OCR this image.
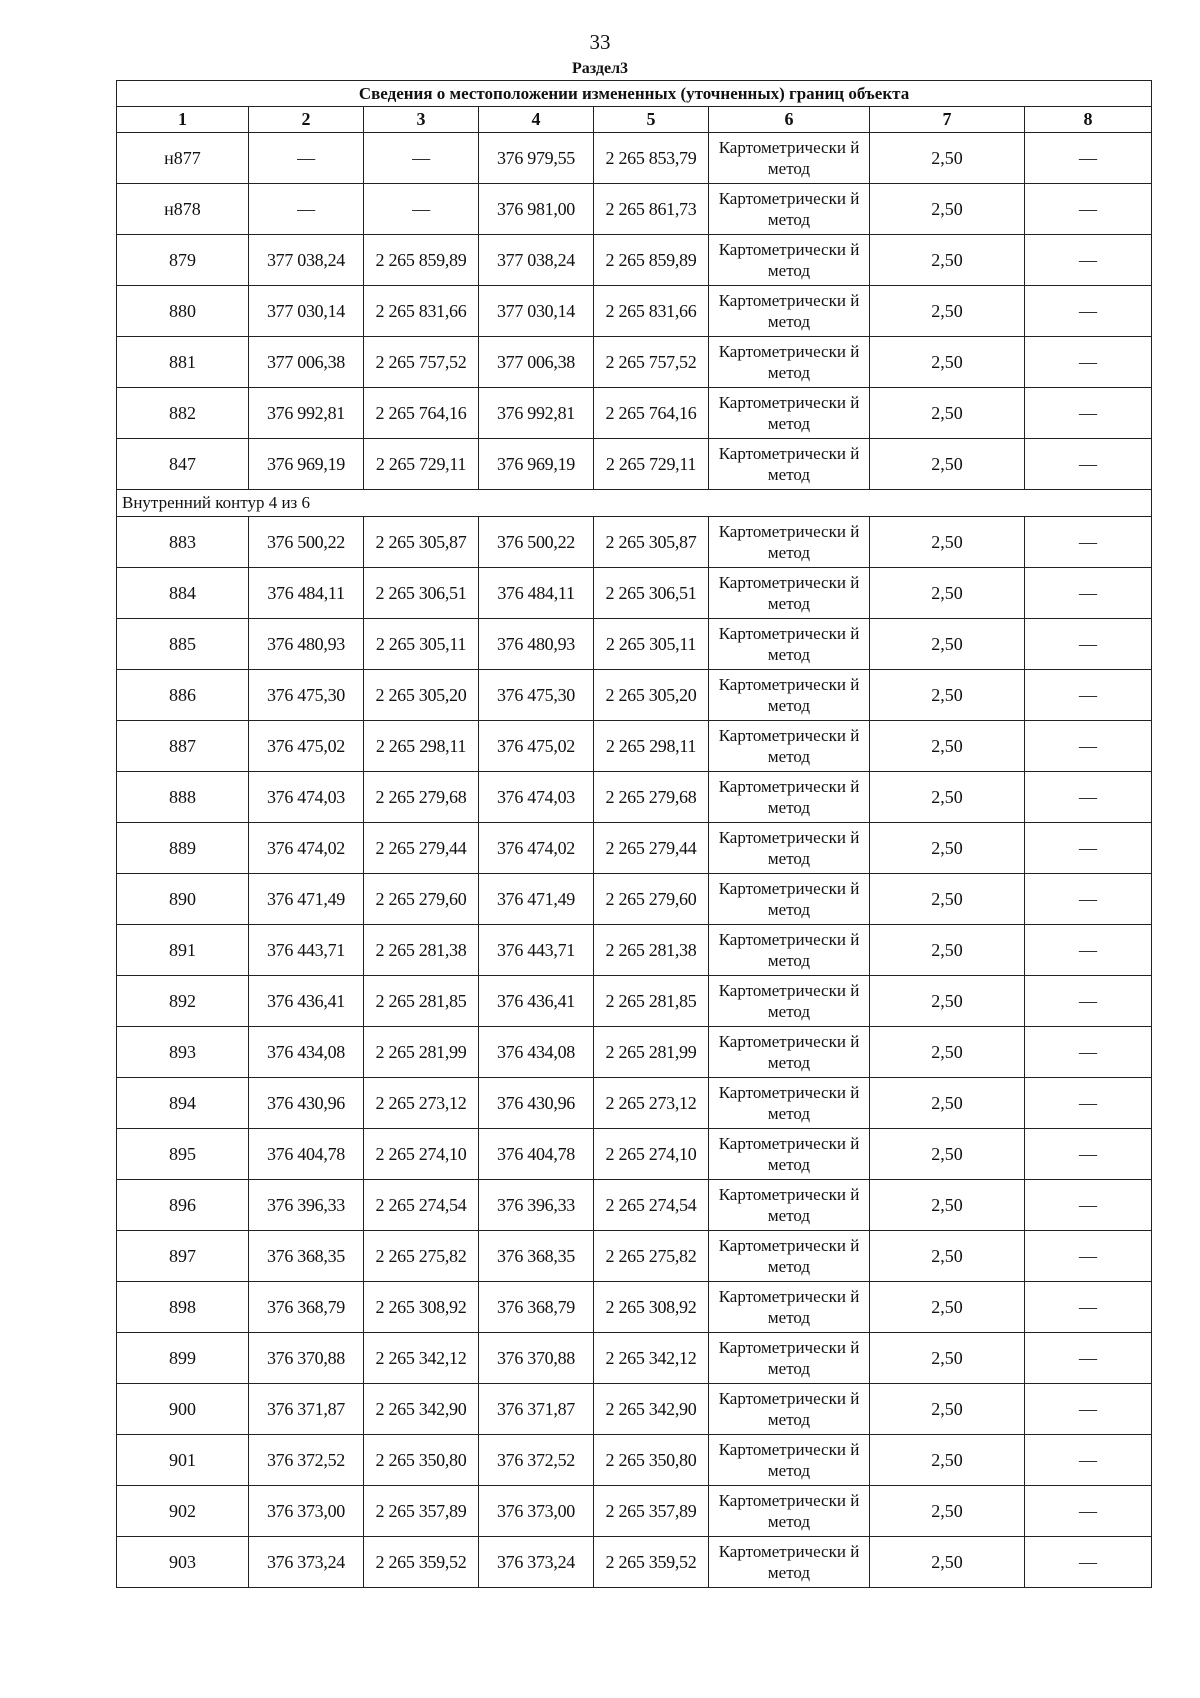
33
Раздел3
Сведения о местоположении измененных (уточненных) границ объекта							
1	2	3	4	5	6	7	8
н877	—	—	376 979,55	2 265 853,79	Картометрически й метод	2,50	—
н878	—	—	376 981,00	2 265 861,73	Картометрически й метод	2,50	—
879	377 038,24	2 265 859,89	377 038,24	2 265 859,89	Картометрически й метод	2,50	—
880	377 030,14	2 265 831,66	377 030,14	2 265 831,66	Картометрически й метод	2,50	—
881	377 006,38	2 265 757,52	377 006,38	2 265 757,52	Картометрически й метод	2,50	—
882	376 992,81	2 265 764,16	376 992,81	2 265 764,16	Картометрически й метод	2,50	—
847	376 969,19	2 265 729,11	376 969,19	2 265 729,11	Картометрически й метод	2,50	—
Внутренний контур 4 из 6							
883	376 500,22	2 265 305,87	376 500,22	2 265 305,87	Картометрически й метод	2,50	—
884	376 484,11	2 265 306,51	376 484,11	2 265 306,51	Картометрически й метод	2,50	—
885	376 480,93	2 265 305,11	376 480,93	2 265 305,11	Картометрически й метод	2,50	—
886	376 475,30	2 265 305,20	376 475,30	2 265 305,20	Картометрически й метод	2,50	—
887	376 475,02	2 265 298,11	376 475,02	2 265 298,11	Картометрически й метод	2,50	—
888	376 474,03	2 265 279,68	376 474,03	2 265 279,68	Картометрически й метод	2,50	—
889	376 474,02	2 265 279,44	376 474,02	2 265 279,44	Картометрически й метод	2,50	—
890	376 471,49	2 265 279,60	376 471,49	2 265 279,60	Картометрически й метод	2,50	—
891	376 443,71	2 265 281,38	376 443,71	2 265 281,38	Картометрически й метод	2,50	—
892	376 436,41	2 265 281,85	376 436,41	2 265 281,85	Картометрически й метод	2,50	—
893	376 434,08	2 265 281,99	376 434,08	2 265 281,99	Картометрически й метод	2,50	—
894	376 430,96	2 265 273,12	376 430,96	2 265 273,12	Картометрически й метод	2,50	—
895	376 404,78	2 265 274,10	376 404,78	2 265 274,10	Картометрически й метод	2,50	—
896	376 396,33	2 265 274,54	376 396,33	2 265 274,54	Картометрически й метод	2,50	—
897	376 368,35	2 265 275,82	376 368,35	2 265 275,82	Картометрически й метод	2,50	—
898	376 368,79	2 265 308,92	376 368,79	2 265 308,92	Картометрически й метод	2,50	—
899	376 370,88	2 265 342,12	376 370,88	2 265 342,12	Картометрически й метод	2,50	—
900	376 371,87	2 265 342,90	376 371,87	2 265 342,90	Картометрически й метод	2,50	—
901	376 372,52	2 265 350,80	376 372,52	2 265 350,80	Картометрически й метод	2,50	—
902	376 373,00	2 265 357,89	376 373,00	2 265 357,89	Картометрически й метод	2,50	—
903	376 373,24	2 265 359,52	376 373,24	2 265 359,52	Картометрически й метод	2,50	—
